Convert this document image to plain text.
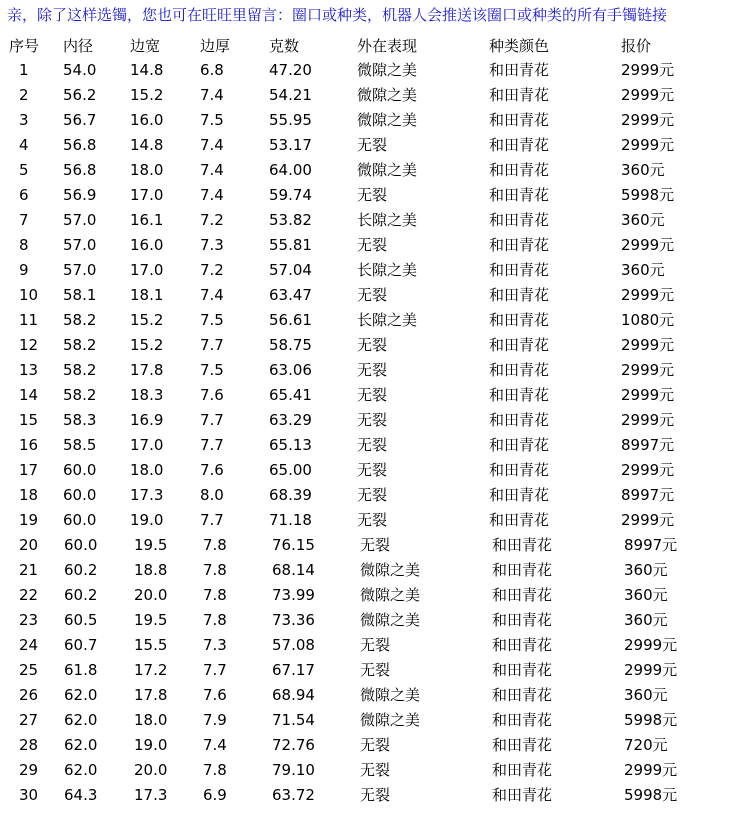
亲，除了这样选镯，您也可在旺旺里留言：圈口或种类，机器人会推送该圈口或种类的所有手镯链接
序号 内径 边宽	边厚	克数	外在表现	种类颜色	报价
1 54.0 14.8 6.8	47.20	微隙之美	和田青花	2999元
2 56.2 15.2 7.4	54.21	微隙之美	和田青花	2999元
3 56.7 16.0 7.5	55.95	微隙之美	和田青花	2999元
4 56.8 14.8 7.4	53.17	无裂	和田青花	2999元
5 56.8 18.0 7.4	64.00	微隙之美	和田青花	360元
6 56.9 17.0 7.4	59.74	无裂	和田青花	5998元
7 57.0 16.1 7.2	53.82	长隙之美	和田青花	360元
8 57.0 16.0 7.3	55.81	无裂	和田青花	2999元
9 57.0 17.0 7.2	57.04	长隙之美	和田青花	360元
10 58.1 18.1 7.4	63.47	无裂	和田青花	2999元
11 58.2 15.2 7.5	56.61	长隙之美	和田青花	1080元
12 58.2 15.2 7.7	58.75	无裂	和田青花	2999元
13 58.2 17.8 7.5	63.06	无裂	和田青花	2999元
14 58.2 18.3 7.6	65.41	无裂	和田青花	2999元
15 58.3 16.9 7.7	63.29	无裂	和田青花	2999元
16 58.5 17.0 7.7	65.13	无裂	和田青花	8997元
17 60.0 18.0 7.6	65.00	无裂	和田青花	2999元
18 60.0 17.3 8.0	68.39	无裂	和田青花	8997元
19 60.0 19.0 7.7	71.18	无裂	和田青花	2999元
20 60.0 19.5 7.8	76.15	无裂	和田青花	8997元
21 60.2 18.8 7.8	68.14	微隙之美	和田青花	360元
22 60.2 20.0 7.8	73.99	微隙之美	和田青花	360元
23 60.5 19.5 7.8	73.36	微隙之美	和田青花	360元
24 60.7 15.5 7.3	57.08	无裂	和田青花	2999元
25 61.8 17.2 7.7	67.17	无裂	和田青花	2999元
26 62.0 17.8 7.6	68.94	微隙之美	和田青花	360元
27 62.0 18.0 7.9	71.54	微隙之美	和田青花	5998元
28 62.0 19.0 7.4	72.76	无裂	和田青花	720元
29 62.0 20.0 7.8	79.10	无裂	和田青花	2999元
30 64.3 17.3 6.9	63.72	无裂	和田青花	5998元
